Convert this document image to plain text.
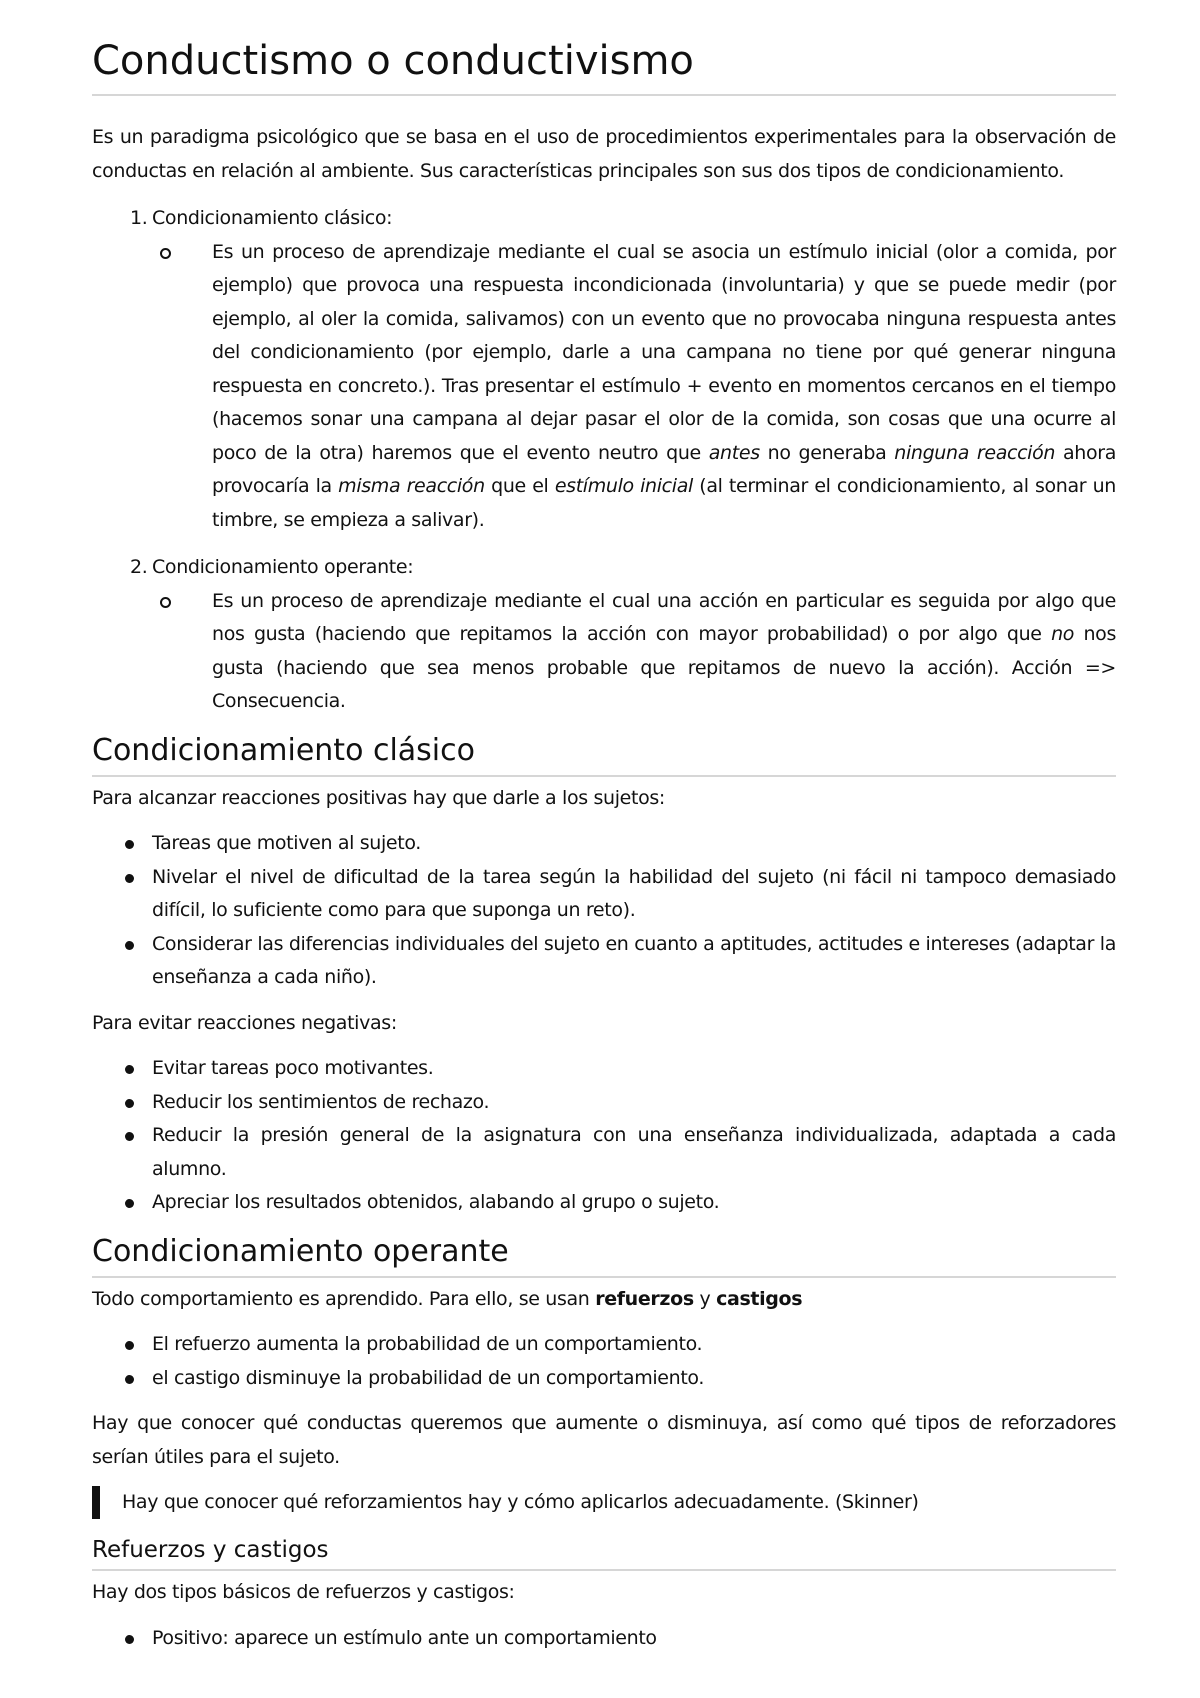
Conductismo o conductivismo

Es un paradigma psicológico que se basa en el uso de procedimientos experimentales para la observación de conductas en relación al ambiente. Sus características principales son sus dos tipos de condicionamiento.

1. Condicionamiento clásico:
Es un proceso de aprendizaje mediante el cual se asocia un estímulo inicial (olor a comida, por ejemplo) que provoca una respuesta incondicionada (involuntaria) y que se puede medir (por ejemplo, al oler la comida, salivamos) con un evento que no provocaba ninguna respuesta antes del condicionamiento (por ejemplo, darle a una campana no tiene por qué generar ninguna respuesta en concreto.). Tras presentar el estímulo + evento en momentos cercanos en el tiempo (hacemos sonar una campana al dejar pasar el olor de la comida, son cosas que una ocurre al poco de la otra) haremos que el evento neutro que antes no generaba ninguna reacción ahora provocaría la misma reacción que el estímulo inicial (al terminar el condicionamiento, al sonar un timbre, se empieza a salivar).
2. Condicionamiento operante:
Es un proceso de aprendizaje mediante el cual una acción en particular es seguida por algo que nos gusta (haciendo que repitamos la acción con mayor probabilidad) o por algo que no nos gusta (haciendo que sea menos probable que repitamos de nuevo la acción). Acción => Consecuencia.
Condicionamiento clásico

Para alcanzar reacciones positivas hay que darle a los sujetos:

Tareas que motiven al sujeto.
Nivelar el nivel de dificultad de la tarea según la habilidad del sujeto (ni fácil ni tampoco demasiado difícil, lo suficiente como para que suponga un reto).
Considerar las diferencias individuales del sujeto en cuanto a aptitudes, actitudes e intereses (adaptar la enseñanza a cada niño).

Para evitar reacciones negativas:

Evitar tareas poco motivantes.
Reducir los sentimientos de rechazo.
Reducir la presión general de la asignatura con una enseñanza individualizada, adaptada a cada alumno.
Apreciar los resultados obtenidos, alabando al grupo o sujeto.
Condicionamiento operante

Todo comportamiento es aprendido. Para ello, se usan refuerzos y castigos

El refuerzo aumenta la probabilidad de un comportamiento.
el castigo disminuye la probabilidad de un comportamiento.

Hay que conocer qué conductas queremos que aumente o disminuya, así como qué tipos de reforzadores serían útiles para el sujeto.

Hay que conocer qué reforzamientos hay y cómo aplicarlos adecuadamente. (Skinner)
Refuerzos y castigos

Hay dos tipos básicos de refuerzos y castigos:

Positivo: aparece un estímulo ante un comportamiento
